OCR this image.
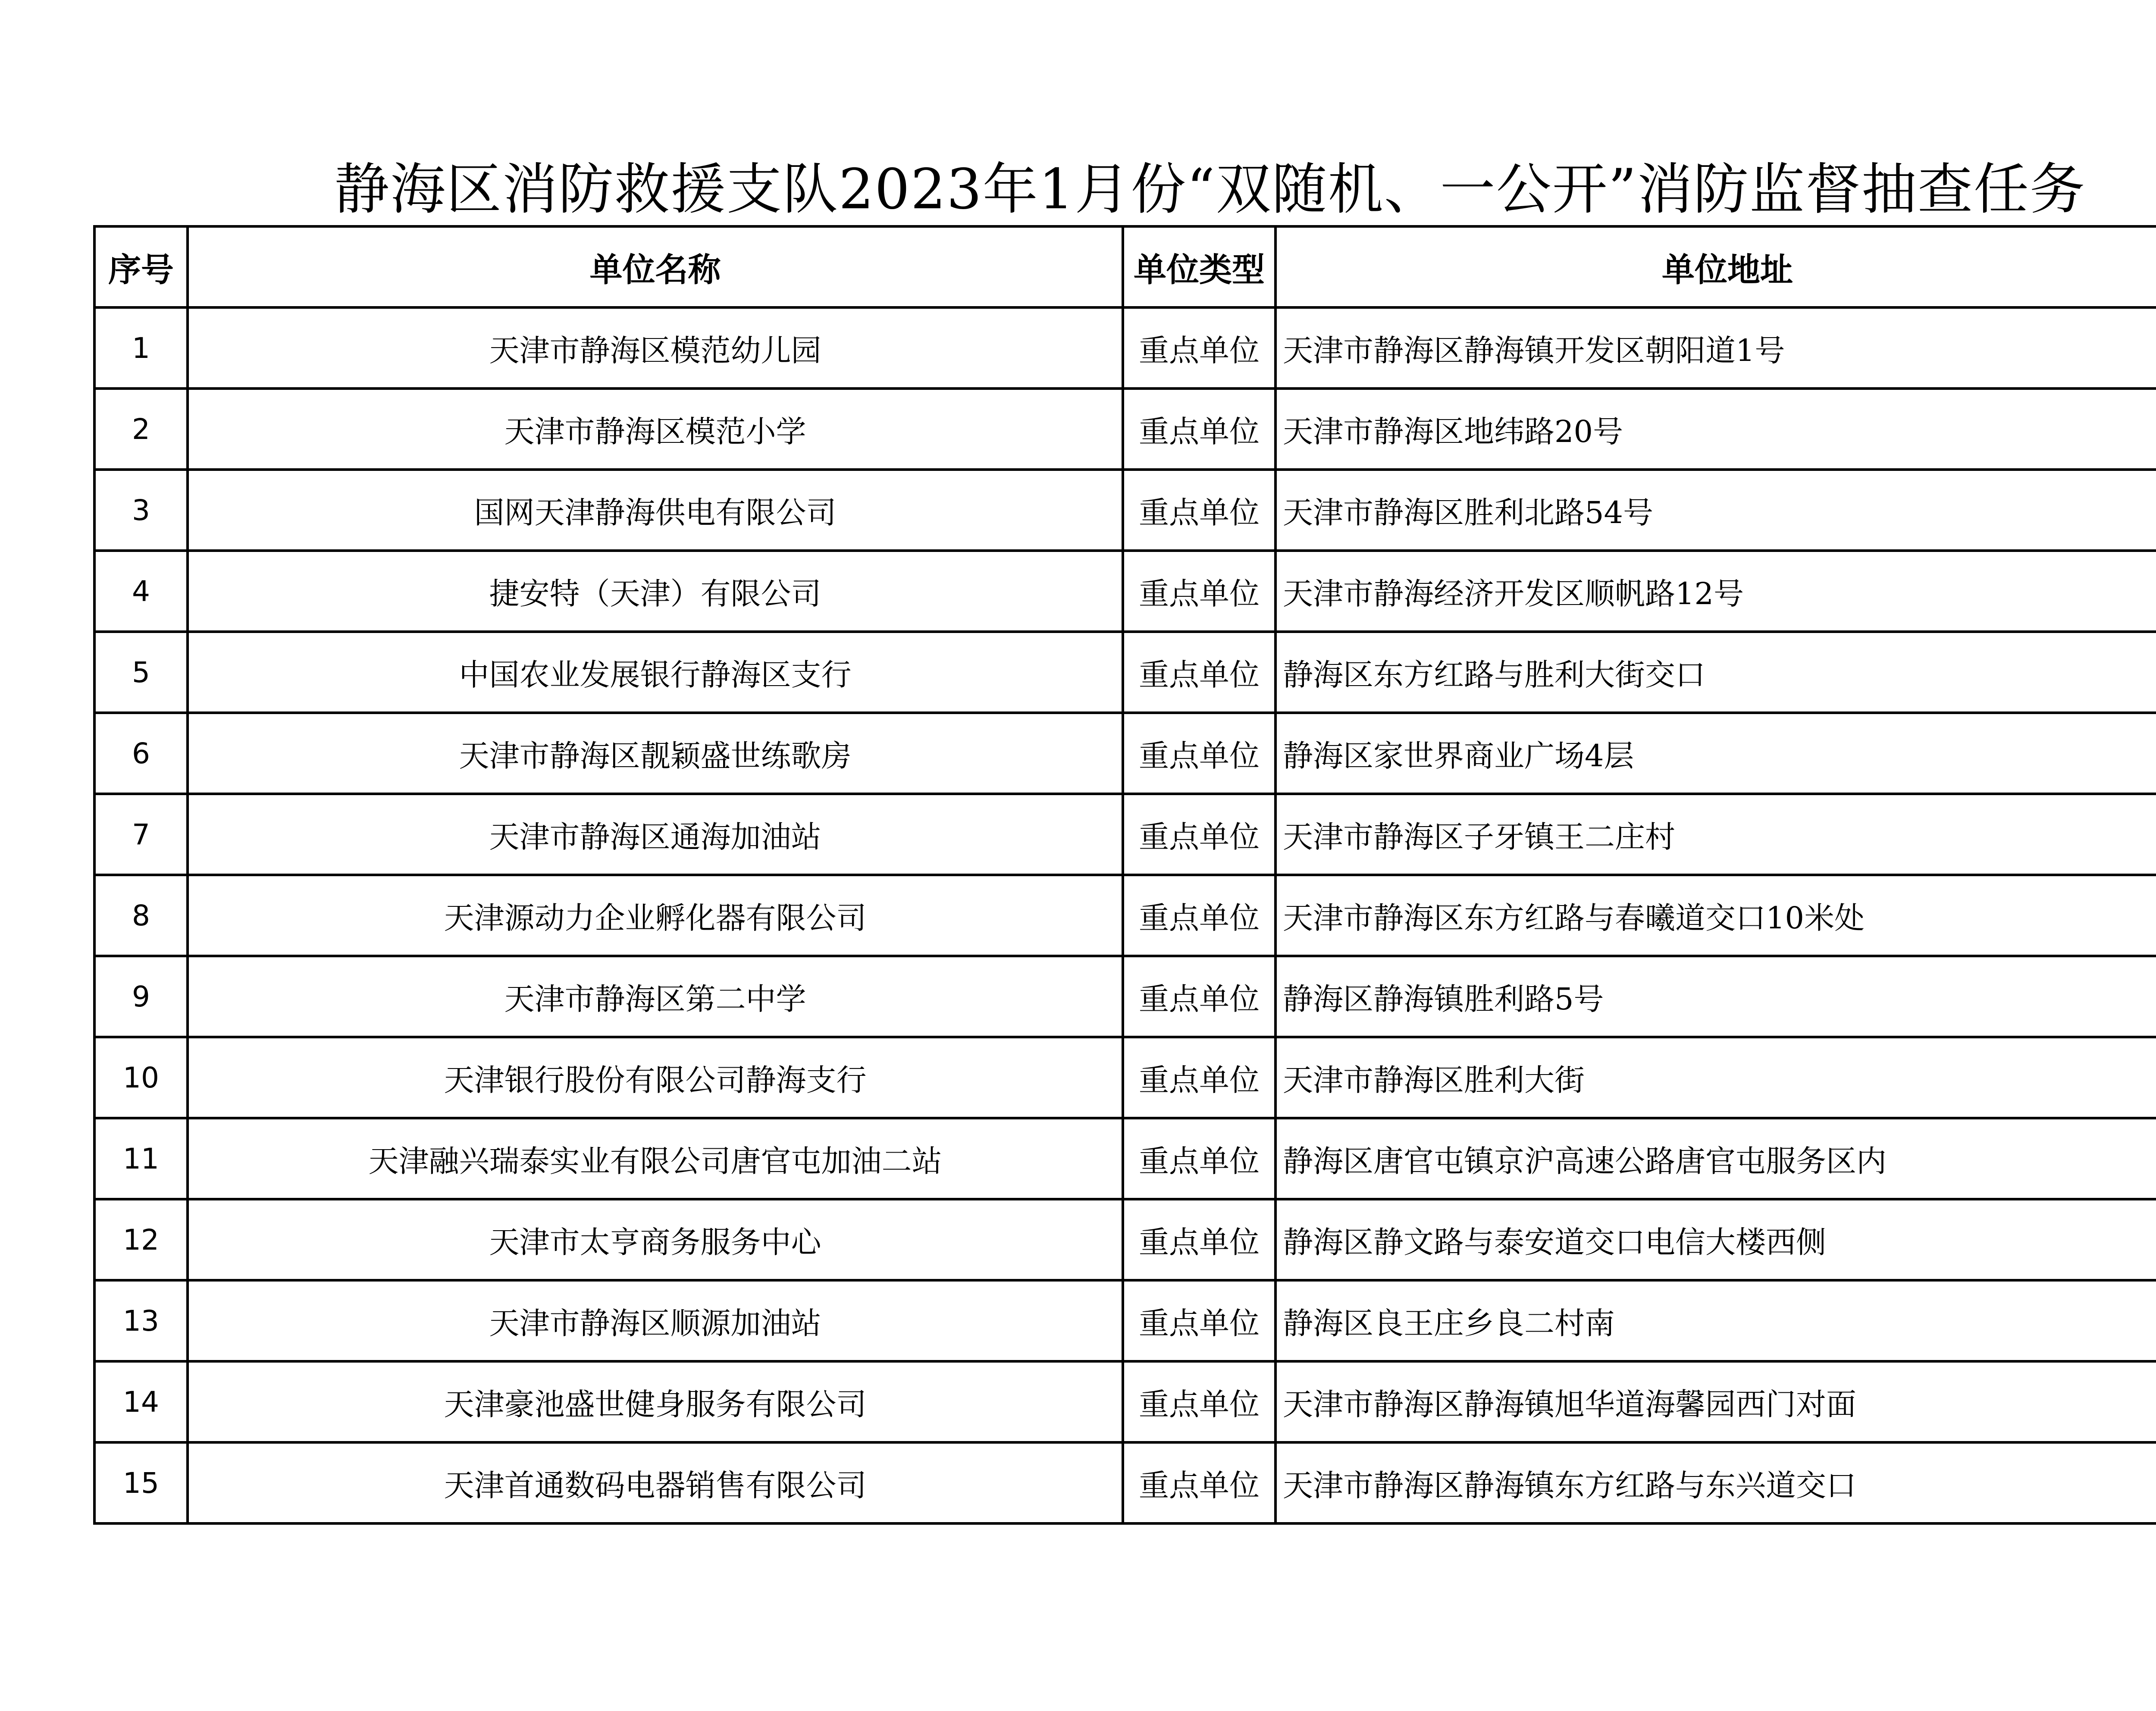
静海区消防救援支队2023年1月份“双随机、一公开”消防监督抽查任务
序号	单位名称	单位类型	单位地址	
1	天津市静海区模范幼儿园	重点单位	天津市静海区静海镇开发区朝阳道1号	
2	天津市静海区模范小学	重点单位	天津市静海区地纬路20号	
3	国网天津静海供电有限公司	重点单位	天津市静海区胜利北路54号	
4	捷安特（天津）有限公司	重点单位	天津市静海经济开发区顺帆路12号	
5	中国农业发展银行静海区支行	重点单位	静海区东方红路与胜利大街交口	
6	天津市静海区靓颖盛世练歌房	重点单位	静海区家世界商业广场4层	
7	天津市静海区通海加油站	重点单位	天津市静海区子牙镇王二庄村	
8	天津源动力企业孵化器有限公司	重点单位	天津市静海区东方红路与春曦道交口10米处	
9	天津市静海区第二中学	重点单位	静海区静海镇胜利路5号	
10	天津银行股份有限公司静海支行	重点单位	天津市静海区胜利大街	
11	天津融兴瑞泰实业有限公司唐官屯加油二站	重点单位	静海区唐官屯镇京沪高速公路唐官屯服务区内	
12	天津市太亨商务服务中心	重点单位	静海区静文路与泰安道交口电信大楼西侧	
13	天津市静海区顺源加油站	重点单位	静海区良王庄乡良二村南	
14	天津豪池盛世健身服务有限公司	重点单位	天津市静海区静海镇旭华道海馨园西门对面	
15	天津首通数码电器销售有限公司	重点单位	天津市静海区静海镇东方红路与东兴道交口	
